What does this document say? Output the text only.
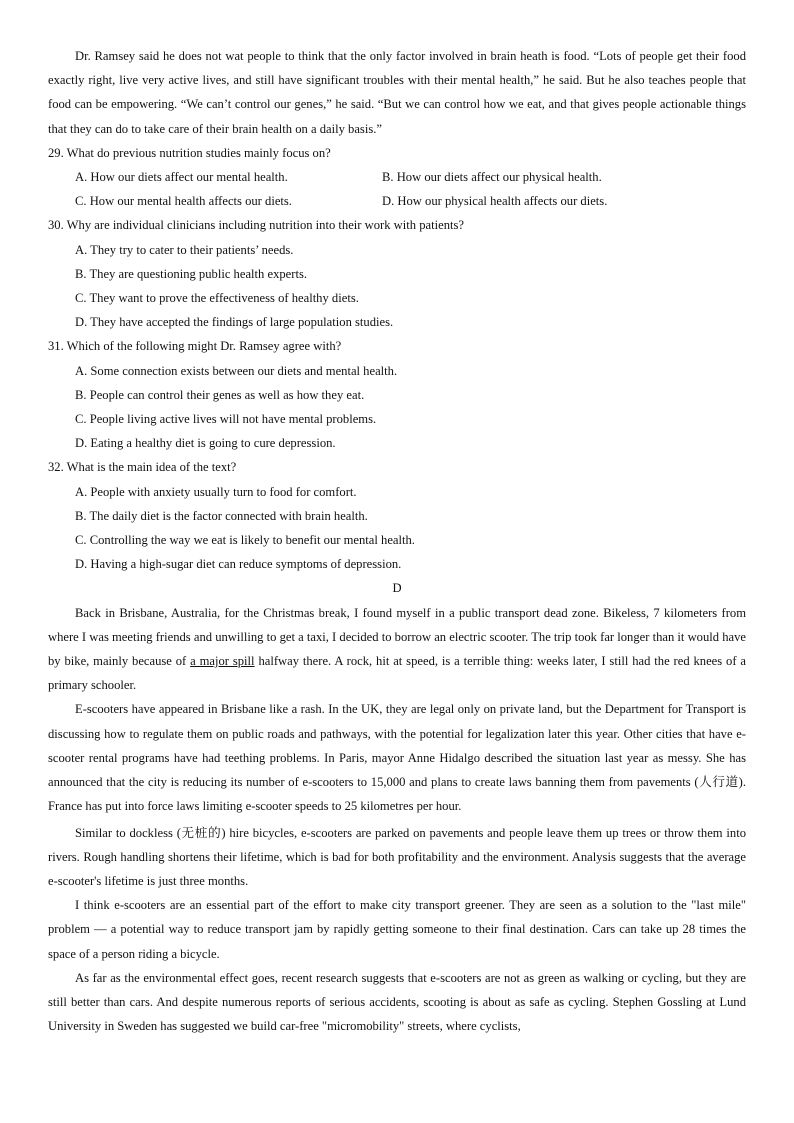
Dr. Ramsey said he does not wat people to think that the only factor involved in brain heath is food. “Lots of people get their food exactly right, live very active lives, and still have significant troubles with their mental health,” he said. But he also teaches people that food can be empowering. “We can’t control our genes,” he said. “But we can control how we eat, and that gives people actionable things that they can do to take care of their brain health on a daily basis.”

29. What do previous nutrition studies mainly focus on?

A. How our diets affect our mental health.	B. How our diets affect our physical health.
C. How our mental health affects our diets.	D. How our physical health affects our diets.

30. Why are individual clinicians including nutrition into their work with patients?

A. They try to cater to their patients’ needs.

B. They are questioning public health experts.

C. They want to prove the effectiveness of healthy diets.

D. They have accepted the findings of large population studies.

31. Which of the following might Dr. Ramsey agree with?

A. Some connection exists between our diets and mental health.

B. People can control their genes as well as how they eat.

C. People living active lives will not have mental problems.

D. Eating a healthy diet is going to cure depression.

32. What is the main idea of the text?

A. People with anxiety usually turn to food for comfort.

B. The daily diet is the factor connected with brain health.

C. Controlling the way we eat is likely to benefit our mental health.

D. Having a high-sugar diet can reduce symptoms of depression.

D

Back in Brisbane, Australia, for the Christmas break, I found myself in a public transport dead zone. Bikeless, 7 kilometers from where I was meeting friends and unwilling to get a taxi, I decided to borrow an electric scooter. The trip took far longer than it would have by bike, mainly because of a major spill halfway there. A rock, hit at speed, is a terrible thing: weeks later, I still had the red knees of a primary schooler.

E-scooters have appeared in Brisbane like a rash. In the UK, they are legal only on private land, but the Department for Transport is discussing how to regulate them on public roads and pathways, with the potential for legalization later this year. Other cities that have e-scooter rental programs have had teething problems. In Paris, mayor Anne Hidalgo described the situation last year as messy. She has announced that the city is reducing its number of e-scooters to 15,000 and plans to create laws banning them from pavements (人行道). France has put into force laws limiting e-scooter speeds to 25 kilometres per hour.

Similar to dockless (无桩的) hire bicycles, e-scooters are parked on pavements and people leave them up trees or throw them into rivers. Rough handling shortens their lifetime, which is bad for both profitability and the environment. Analysis suggests that the average e-scooter's lifetime is just three months.

I think e-scooters are an essential part of the effort to make city transport greener. They are seen as a solution to the "last mile" problem — a potential way to reduce transport jam by rapidly getting someone to their final destination. Cars can take up 28 times the space of a person riding a bicycle.

As far as the environmental effect goes, recent research suggests that e-scooters are not as green as walking or cycling, but they are still better than cars. And despite numerous reports of serious accidents, scooting is about as safe as cycling. Stephen Gossling at Lund University in Sweden has suggested we build car-free "micromobility" streets, where cyclists,
